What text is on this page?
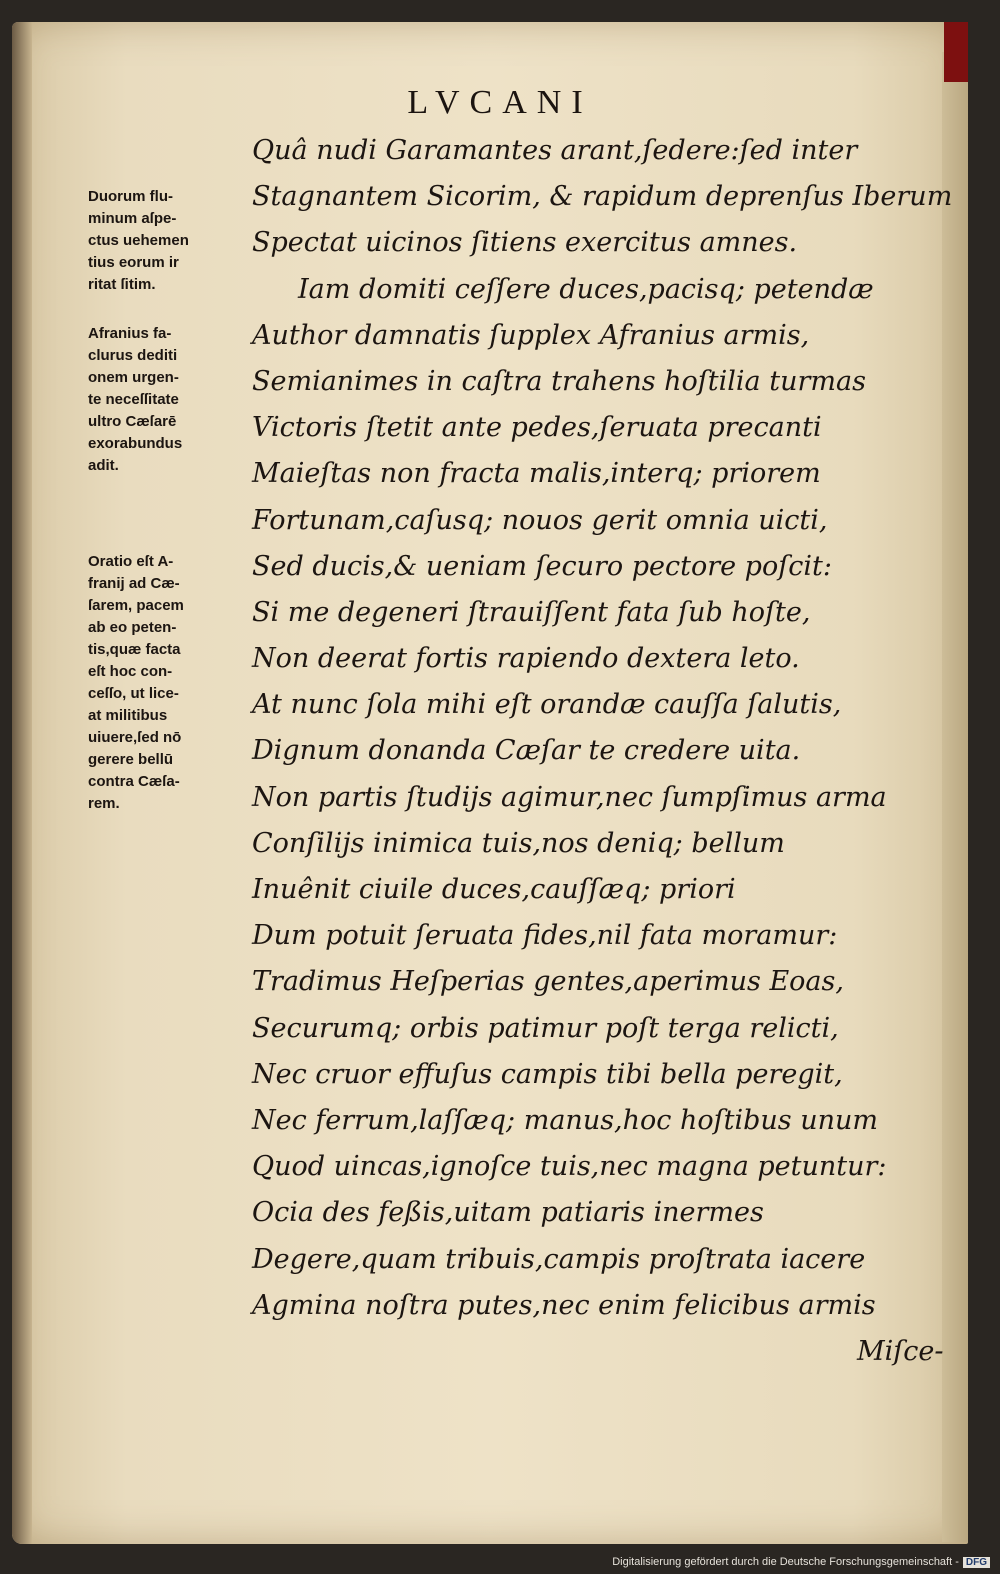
LVCANI
Duorum flu-
minum aſpe-
ctus uehemen
tius eorum ir
ritat ſitim.
Afranius fa-
clurus dediti
onem urgen-
te neceſſitate
ultro Cæſarē
exorabundus
adit.
Oratio eſt A-
franij ad Cæ-
ſarem, pacem
ab eo peten-
tis,quæ facta
eſt hoc con-
ceſſo, ut lice-
at militibus
uiuere,ſed nō
gerere bellū
contra Cæſa-
rem.
Quâ nudi Garamantes arant,ſedere:ſed inter
Stagnantem Sicorim, & rapidum deprenſus Iberum
Spectat uicinos ſitiens exercitus amnes.
Iam domiti ceſſere duces,pacisq; petendæ
Author damnatis ſupplex Afranius armis,
Semianimes in caſtra trahens hoſtilia turmas
Victoris ſtetit ante pedes,ſeruata precanti
Maieſtas non fracta malis,interq; priorem
Fortunam,caſusq; nouos gerit omnia uicti,
Sed ducis,& ueniam ſecuro pectore poſcit:
Si me degeneri ſtrauiſſent fata ſub hoſte,
Non deerat fortis rapiendo dextera leto.
At nunc ſola mihi eſt orandæ cauſſa ſalutis,
Dignum donanda Cæſar te credere uita.
Non partis ſtudijs agimur,nec ſumpſimus arma
Conſilijs inimica tuis,nos deniq; bellum
Inuênit ciuile duces,cauſſæq; priori
Dum potuit ſeruata fides,nil fata moramur:
Tradimus Heſperias gentes,aperimus Eoas,
Securumq; orbis patimur poſt terga relicti,
Nec cruor effuſus campis tibi bella peregit,
Nec ferrum,laſſæq; manus,hoc hoſtibus unum
Quod uincas,ignoſce tuis,nec magna petuntur:
Ocia des feßis,uitam patiaris inermes
Degere,quam tribuis,campis proſtrata iacere
Agmina noſtra putes,nec enim felicibus armis
Miſce-
Digitalisierung gefördert durch die Deutsche Forschungsgemeinschaft - DFG
